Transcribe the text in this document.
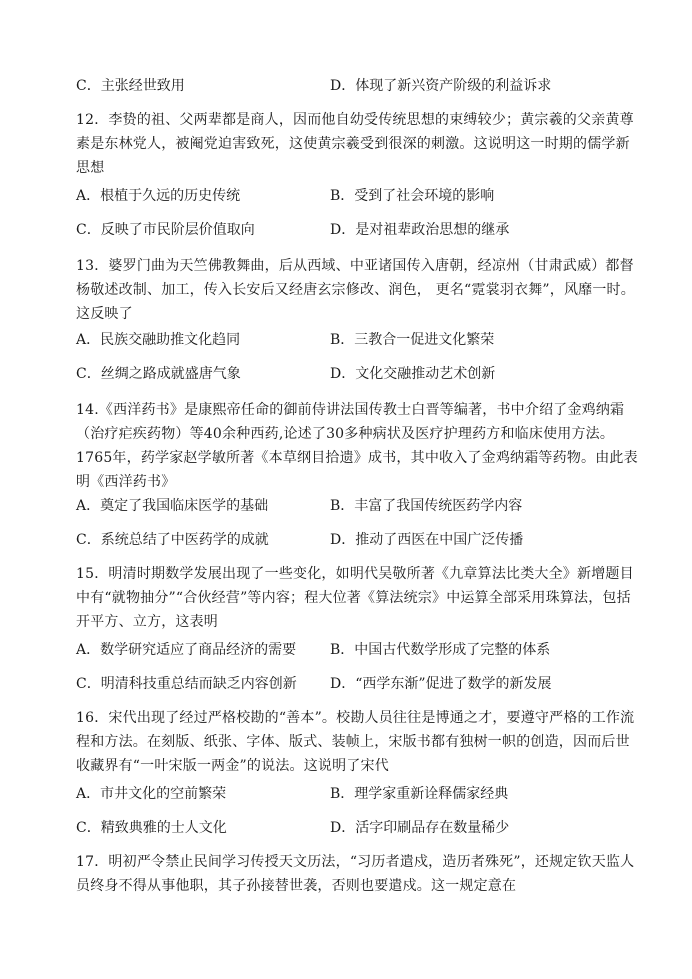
C．主张经世致用	D．体现了新兴资产阶级的利益诉求
12．李贽的祖、父两辈都是商人，因而他自幼受传统思想的束缚较少；黄宗羲的父亲黄尊素是东林党人，被阉党迫害致死，这使黄宗羲受到很深的刺激。这说明这一时期的儒学新思想
A．根植于久远的历史传统	B．受到了社会环境的影响
C．反映了市民阶层价值取向	D．是对祖辈政治思想的继承
13．婆罗门曲为天竺佛教舞曲，后从西域、中亚诸国传入唐朝，经凉州（甘肃武威）都督杨敬述改制、加工，传入长安后又经唐玄宗修改、润色， 更名“霓裳羽衣舞”，风靡一时。这反映了
A．民族交融助推文化趋同	B．三教合一促进文化繁荣
C．丝绸之路成就盛唐气象	D．文化交融推动艺术创新
14.《西洋药书》是康熙帝任命的御前侍讲法国传教士白晋等编著，书中介绍了金鸡纳霜（治疗疟疾药物）等40余种西药,论述了30多种病状及医疗护理药方和临床使用方法。1765年，药学家赵学敏所著《本草纲目拾遗》成书，其中收入了金鸡纳霜等药物。由此表明《西洋药书》
A．奠定了我国临床医学的基础	B．丰富了我国传统医药学内容
C．系统总结了中医药学的成就	D．推动了西医在中国广泛传播
15．明清时期数学发展出现了一些变化，如明代吴敬所著《九章算法比类大全》新增题目中有“就物抽分”“合伙经营”等内容；程大位著《算法统宗》中运算全部采用珠算法，包括开平方、立方，这表明
A．数学研究适应了商品经济的需要 B．中国古代数学形成了完整的体系
C．明清科技重总结而缺乏内容创新 D．“西学东渐”促进了数学的新发展
16．宋代出现了经过严格校勘的“善本”。校勘人员往往是博通之才，要遵守严格的工作流程和方法。在刻版、纸张、字体、版式、装帧上，宋版书都有独树一帜的创造，因而后世收藏界有“一叶宋版一两金”的说法。这说明了宋代
A．市井文化的空前繁荣	B．理学家重新诠释儒家经典
C．精致典雅的士人文化	D．活字印刷品存在数量稀少
17．明初严令禁止民间学习传授天文历法，“习历者遣戍，造历者殊死”，还规定钦天监人员终身不得从事他职，其子孙接替世袭，否则也要遣戍。这一规定意在
